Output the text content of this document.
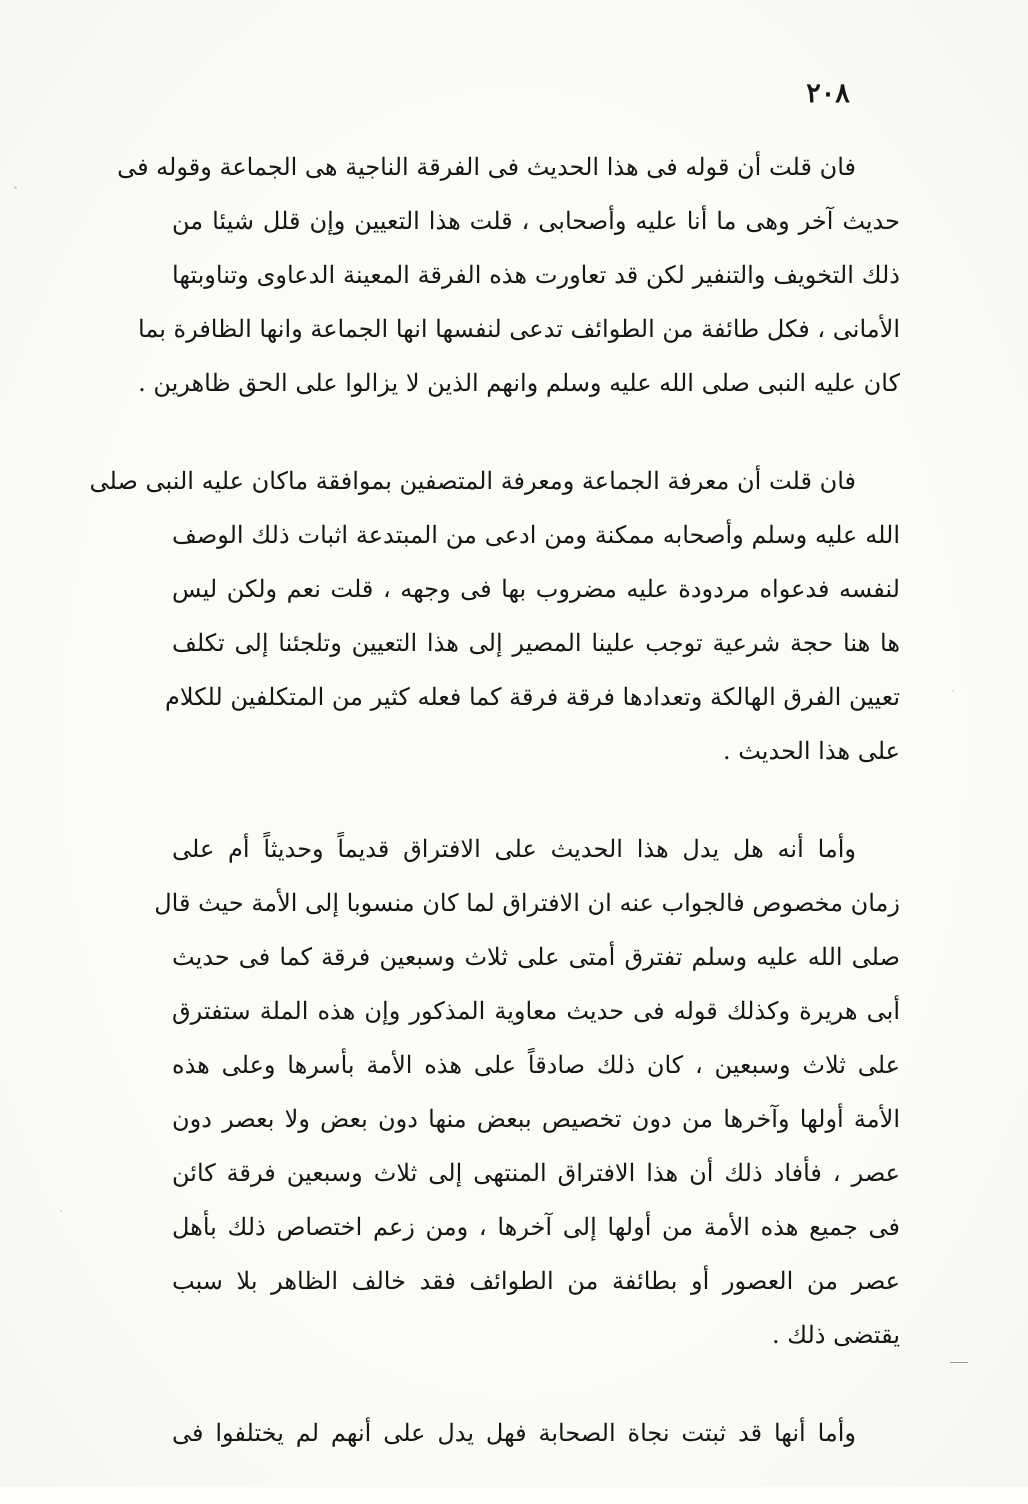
٢٠٨
فان قلت أن قوله فى هذا الحديث فى الفرقة الناجية هى الجماعة وقوله فى
حديث آخر وهى ما أنا عليه وأصحابى ، قلت هذا التعيين وإن قلل شيئا من
ذلك التخويف والتنفير لكن قد تعاورت هذه الفرقة المعينة الدعاوى وتناوبتها
الأمانى ، فكل طائفة من الطوائف تدعى لنفسها انها الجماعة وانها الظافرة بما
كان عليه النبى صلى الله عليه وسلم وانهم الذين لا يزالوا على الحق ظاهرين .
فان قلت أن معرفة الجماعة ومعرفة المتصفين بموافقة ماكان عليه النبى صلى
الله عليه وسلم وأصحابه ممكنة ومن ادعى من المبتدعة اثبات ذلك الوصف
لنفسه فدعواه مردودة عليه مضروب بها فى وجهه ، قلت نعم ولكن ليس
ها هنا حجة شرعية توجب علينا المصير إلى هذا التعيين وتلجئنا إلى تكلف
تعيين الفرق الهالكة وتعدادها فرقة فرقة كما فعله كثير من المتكلفين للكلام
على هذا الحديث .
وأما أنه هل يدل هذا الحديث على الافتراق قديماً وحديثاً أم على
زمان مخصوص فالجواب عنه ان الافتراق لما كان منسوبا إلى الأمة حيث قال
صلى الله عليه وسلم تفترق أمتى على ثلاث وسبعين فرقة كما فى حديث
أبى هريرة وكذلك قوله فى حديث معاوية المذكور وإن هذه الملة ستفترق
على ثلاث وسبعين ، كان ذلك صادقاً على هذه الأمة بأسرها وعلى هذه
الأمة أولها وآخرها من دون تخصيص ببعض منها دون بعض ولا بعصر دون
عصر ، فأفاد ذلك أن هذا الافتراق المنتهى إلى ثلاث وسبعين فرقة كائن
فى جميع هذه الأمة من أولها إلى آخرها ، ومن زعم اختصاص ذلك بأهل
عصر من العصور أو بطائفة من الطوائف فقد خالف الظاهر بلا سبب
يقتضى ذلك .
وأما أنها قد ثبتت نجاة الصحابة فهل يدل على أنهم لم يختلفوا فى
